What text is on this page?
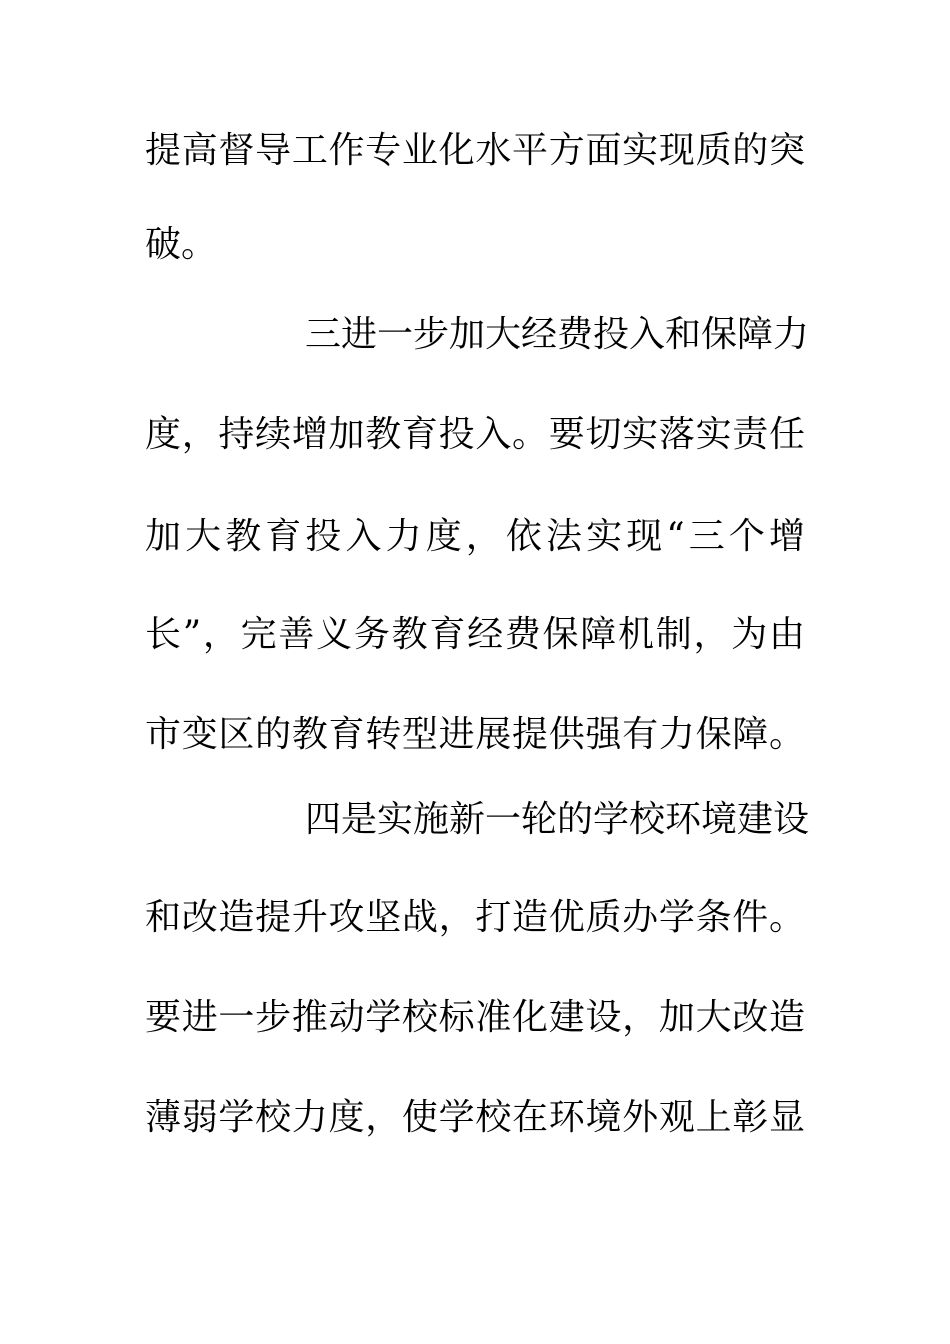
提高督导工作专业化水平方面实现质的突
破。
三进一步加大经费投入和保障力
度，持续增加教育投入。要切实落实责任
加大教育投入力度，依法实现“三个增
长”，完善义务教育经费保障机制，为由
市变区的教育转型进展提供强有力保障。
四是实施新一轮的学校环境建设
和改造提升攻坚战，打造优质办学条件。
要进一步推动学校标准化建设，加大改造
薄弱学校力度，使学校在环境外观上彰显
